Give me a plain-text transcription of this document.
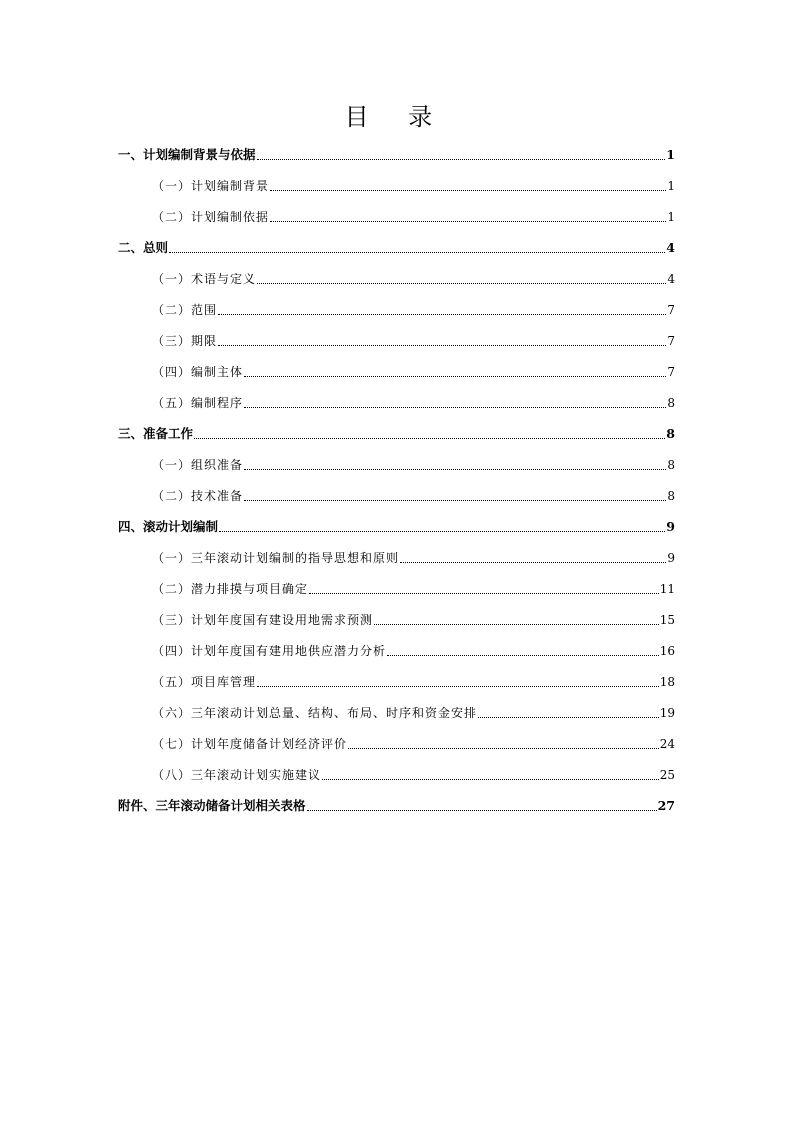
目 录
一、计划编制背景与依据	1
（一）计划编制背景	1
（二）计划编制依据	1
二、总则	4
（一）术语与定义	4
（二）范围	7
（三）期限	7
（四）编制主体	7
（五）编制程序	8
三、准备工作	8
（一）组织准备	8
（二）技术准备	8
四、滚动计划编制	9
（一）三年滚动计划编制的指导思想和原则	9
（二）潜力排摸与项目确定	11
（三）计划年度国有建设用地需求预测	15
（四）计划年度国有建用地供应潜力分析	16
（五）项目库管理	18
（六）三年滚动计划总量、结构、布局、时序和资金安排	19
（七）计划年度储备计划经济评价	24
（八）三年滚动计划实施建议	25
附件、三年滚动储备计划相关表格	27
